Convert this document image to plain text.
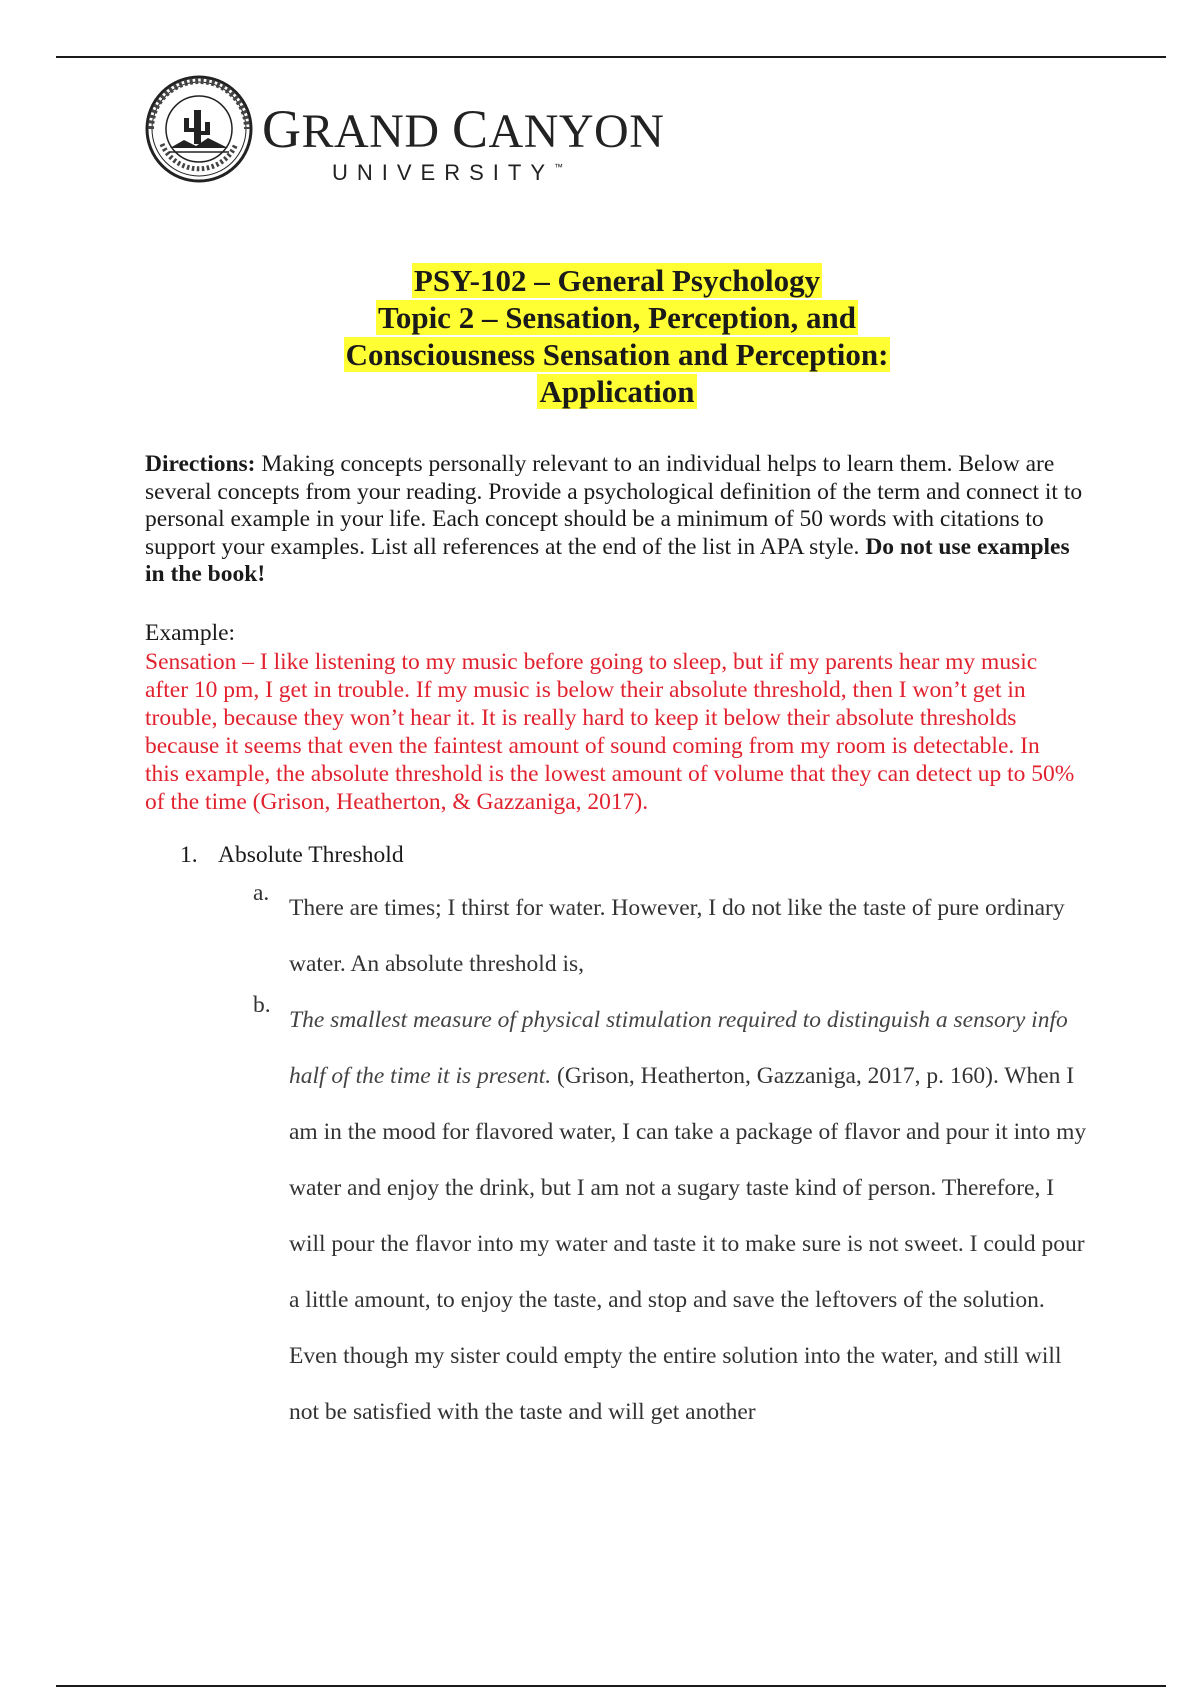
GRAND CANYON
UNIVERSITY™
PSY-102 – General Psychology
Topic 2 – Sensation, Perception, and
Consciousness Sensation and Perception:
Application
Directions: Making concepts personally relevant to an individual helps to learn them. Below are several concepts from your reading. Provide a psychological definition of the term and connect it to personal example in your life. Each concept should be a minimum of 50 words with citations to support your examples. List all references at the end of the list in APA style. Do not use examples in the book!
Example:
Sensation – I like listening to my music before going to sleep, but if my parents hear my music after 10 pm, I get in trouble. If my music is below their absolute threshold, then I won’t get in trouble, because they won’t hear it. It is really hard to keep it below their absolute thresholds because it seems that even the faintest amount of sound coming from my room is detectable. In this example, the absolute threshold is the lowest amount of volume that they can detect up to 50% of the time (Grison, Heatherton, & Gazzaniga, 2017).
1. Absolute Threshold
a.
There are times; I thirst for water. However, I do not like the taste of pure ordinary water. An absolute threshold is,
b.
The smallest measure of physical stimulation required to distinguish a sensory info half of the time it is present. (Grison, Heatherton, Gazzaniga, 2017, p. 160). When I am in the mood for flavored water, I can take a package of flavor and pour it into my water and enjoy the drink, but I am not a sugary taste kind of person. Therefore, I will pour the flavor into my water and taste it to make sure is not sweet. I could pour a little amount, to enjoy the taste, and stop and save the leftovers of the solution. Even though my sister could empty the entire solution into the water, and still will not be satisfied with the taste and will get another
